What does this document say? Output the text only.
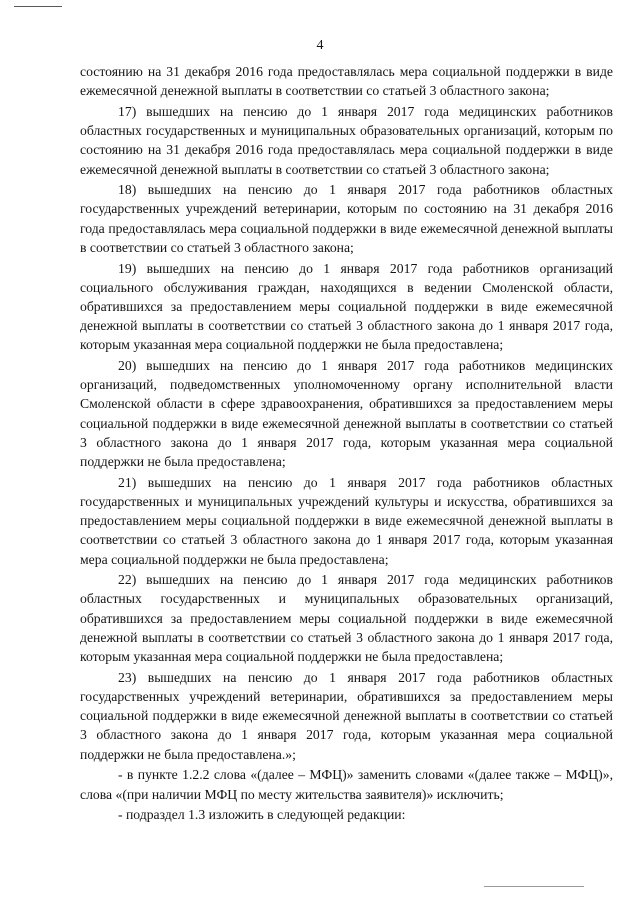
4

состоянию на 31 декабря 2016 года предоставлялась мера социальной поддержки в виде ежемесячной денежной выплаты в соответствии со статьей 3 областного закона;

17) вышедших на пенсию до 1 января 2017 года медицинских работников областных государственных и муниципальных образовательных организаций, которым по состоянию на 31 декабря 2016 года предоставлялась мера социальной поддержки в виде ежемесячной денежной выплаты в соответствии со статьей 3 областного закона;

18) вышедших на пенсию до 1 января 2017 года работников областных государственных учреждений ветеринарии, которым по состоянию на 31 декабря 2016 года предоставлялась мера социальной поддержки в виде ежемесячной денежной выплаты в соответствии со статьей 3 областного закона;

19) вышедших на пенсию до 1 января 2017 года работников организаций социального обслуживания граждан, находящихся в ведении Смоленской области, обратившихся за предоставлением меры социальной поддержки в виде ежемесячной денежной выплаты в соответствии со статьей 3 областного закона до 1 января 2017 года, которым указанная мера социальной поддержки не была предоставлена;

20) вышедших на пенсию до 1 января 2017 года работников медицинских организаций, подведомственных уполномоченному органу исполнительной власти Смоленской области в сфере здравоохранения, обратившихся за предоставлением меры социальной поддержки в виде ежемесячной денежной выплаты в соответствии со статьей 3 областного закона до 1 января 2017 года, которым указанная мера социальной поддержки не была предоставлена;

21) вышедших на пенсию до 1 января 2017 года работников областных государственных и муниципальных учреждений культуры и искусства, обратившихся за предоставлением меры социальной поддержки в виде ежемесячной денежной выплаты в соответствии со статьей 3 областного закона до 1 января 2017 года, которым указанная мера социальной поддержки не была предоставлена;

22) вышедших на пенсию до 1 января 2017 года медицинских работников областных государственных и муниципальных образовательных организаций, обратившихся за предоставлением меры социальной поддержки в виде ежемесячной денежной выплаты в соответствии со статьей 3 областного закона до 1 января 2017 года, которым указанная мера социальной поддержки не была предоставлена;

23) вышедших на пенсию до 1 января 2017 года работников областных государственных учреждений ветеринарии, обратившихся за предоставлением меры социальной поддержки в виде ежемесячной денежной выплаты в соответствии со статьей 3 областного закона до 1 января 2017 года, которым указанная мера социальной поддержки не была предоставлена.»;

- в пункте 1.2.2 слова «(далее – МФЦ)» заменить словами «(далее также – МФЦ)», слова «(при наличии МФЦ по месту жительства заявителя)» исключить;

- подраздел 1.3 изложить в следующей редакции:
